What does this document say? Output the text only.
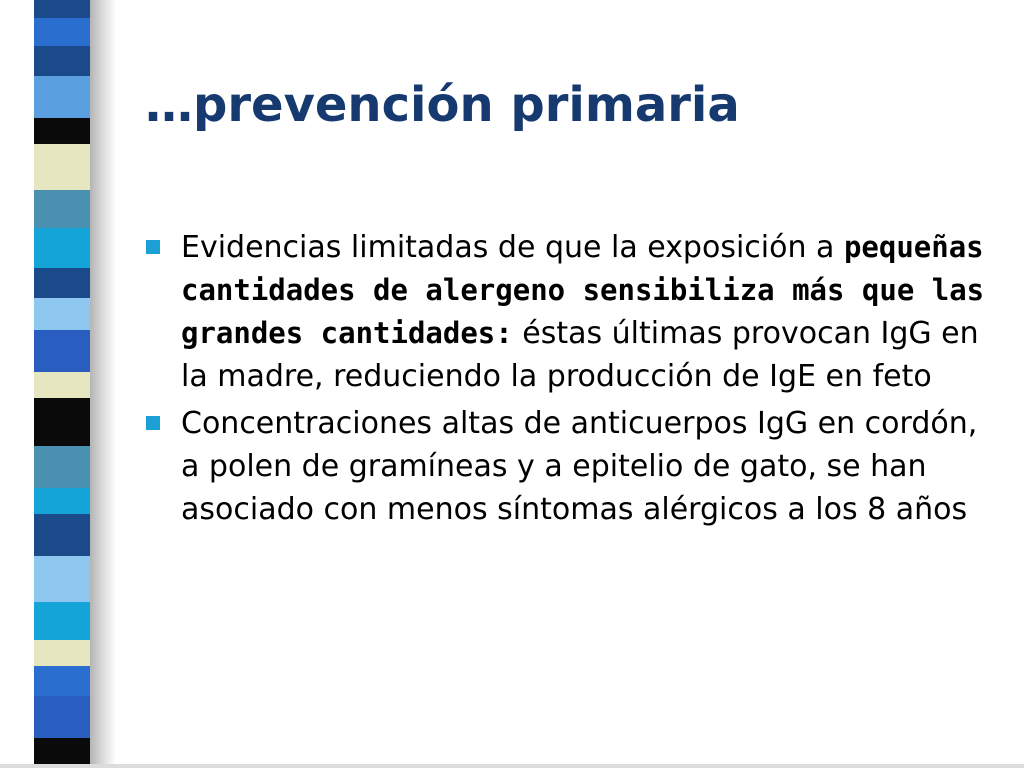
…prevención primaria
Evidencias limitadas de que la exposición a pequeñas cantidades de alergeno sensibiliza más que las grandes cantidades: éstas últimas provocan IgG en la madre, reduciendo la producción de IgE en feto
Concentraciones altas de anticuerpos IgG en cordón, a polen de gramíneas y a epitelio de gato, se han asociado con menos síntomas alérgicos a los 8 años
